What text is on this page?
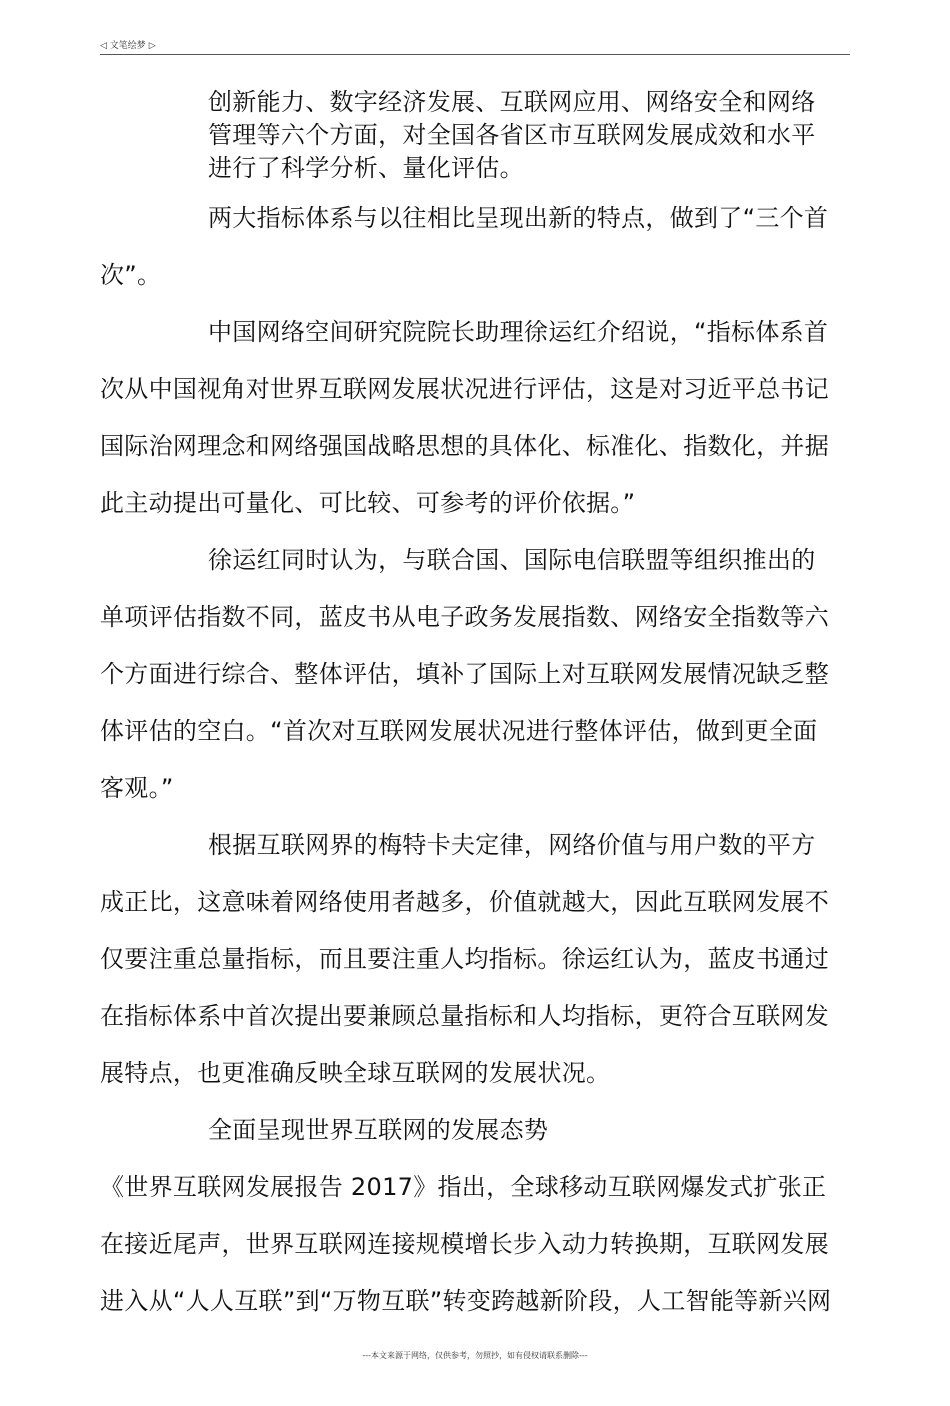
◁ 文笔绘梦 ▷
创新能力、数字经济发展、互联网应用、网络安全和网络
管理等六个方面，对全国各省区市互联网发展成效和水平
进行了科学分析、量化评估。
两大指标体系与以往相比呈现出新的特点，做到了“三个首
次”。
中国网络空间研究院院长助理徐运红介绍说，“指标体系首
次从中国视角对世界互联网发展状况进行评估，这是对习近平总书记
国际治网理念和网络强国战略思想的具体化、标准化、指数化，并据
此主动提出可量化、可比较、可参考的评价依据。”
徐运红同时认为，与联合国、国际电信联盟等组织推出的
单项评估指数不同，蓝皮书从电子政务发展指数、网络安全指数等六
个方面进行综合、整体评估，填补了国际上对互联网发展情况缺乏整
体评估的空白。“首次对互联网发展状况进行整体评估，做到更全面
客观。”
根据互联网界的梅特卡夫定律，网络价值与用户数的平方
成正比，这意味着网络使用者越多，价值就越大，因此互联网发展不
仅要注重总量指标，而且要注重人均指标。徐运红认为，蓝皮书通过
在指标体系中首次提出要兼顾总量指标和人均指标，更符合互联网发
展特点，也更准确反映全球互联网的发展状况。
全面呈现世界互联网的发展态势
《世界互联网发展报告 2017》指出，全球移动互联网爆发式扩张正
在接近尾声，世界互联网连接规模增长步入动力转换期，互联网发展
进入从“人人互联”到“万物互联”转变跨越新阶段，人工智能等新兴网
---本文来源于网络，仅供参考，勿照抄，如有侵权请联系删除---
